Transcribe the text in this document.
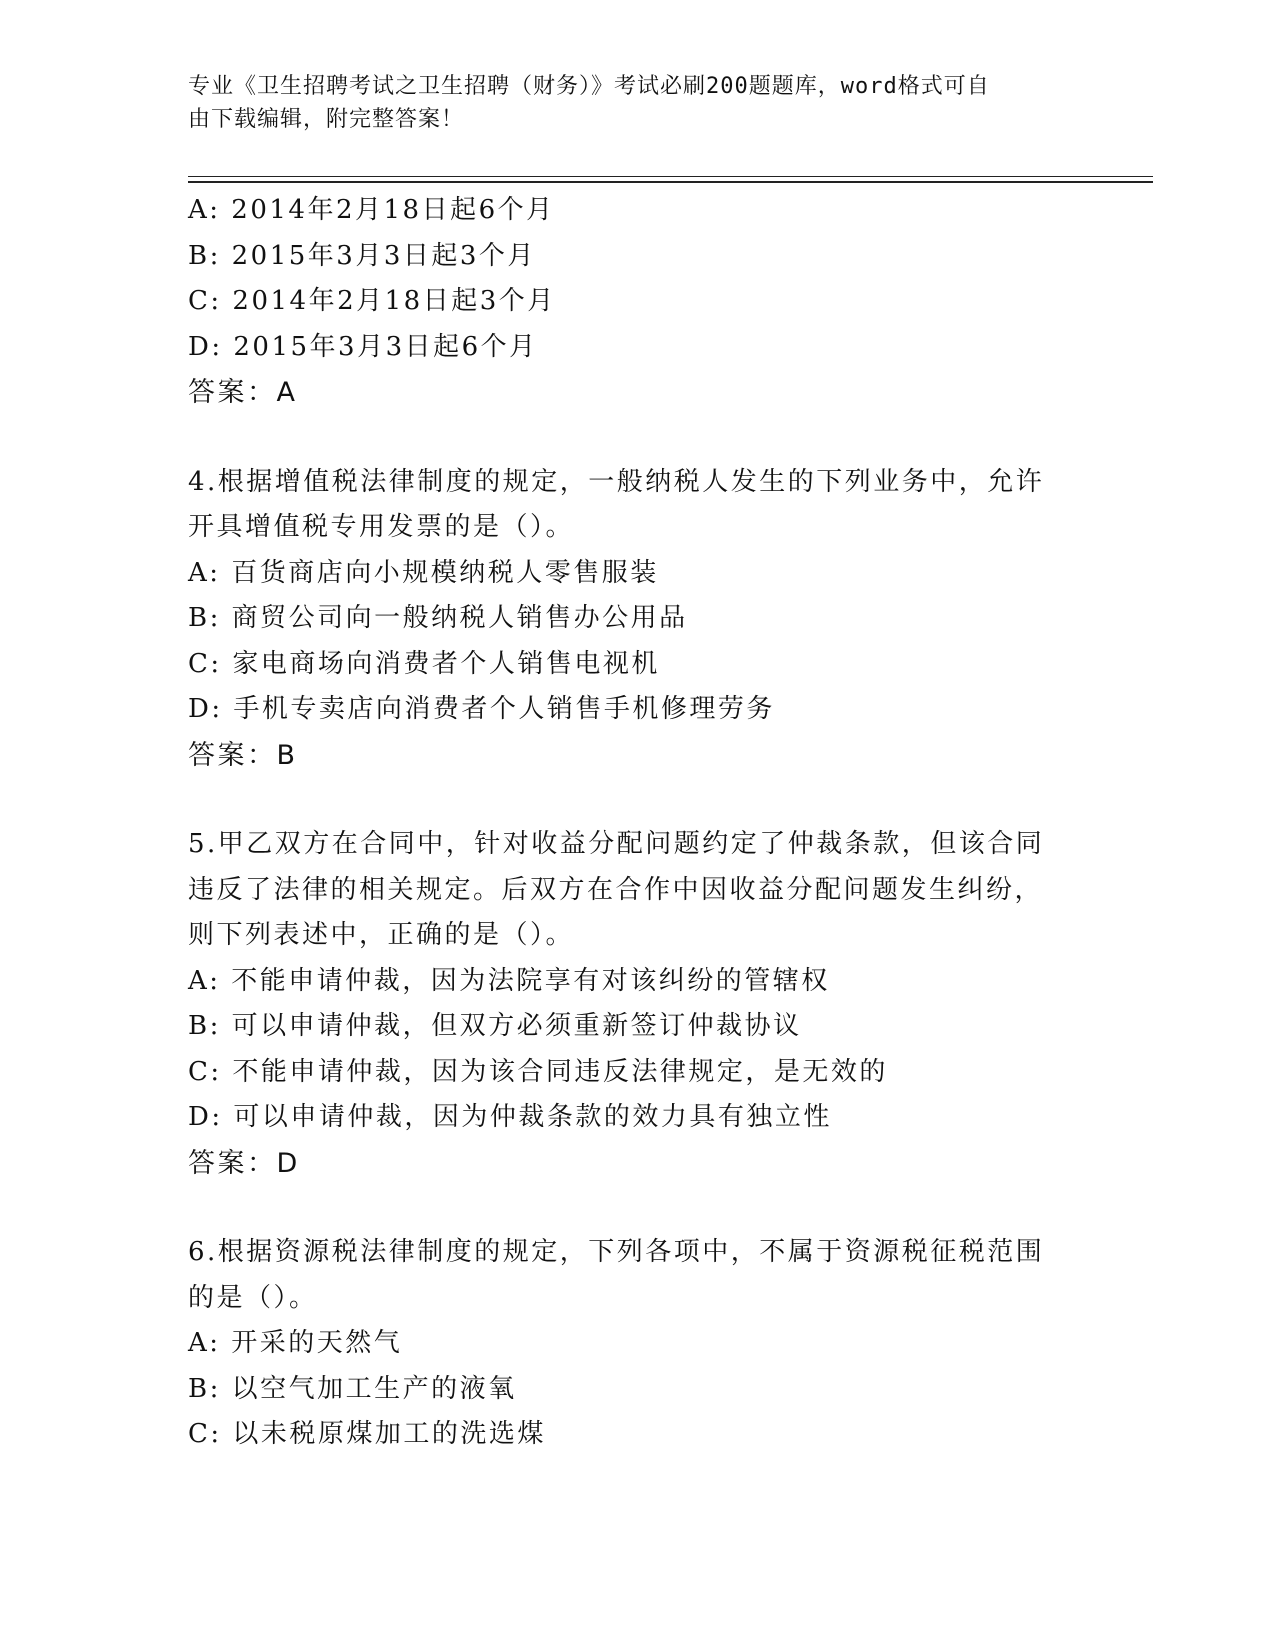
专业《卫生招聘考试之卫生招聘（财务）》考试必刷200题题库，word格式可自
由下载编辑，附完整答案！
A: 2014年2月18日起6个月
B: 2015年3月3日起3个月
C: 2014年2月18日起3个月
D: 2015年3月3日起6个月
答案：A
4.根据增值税法律制度的规定，一般纳税人发生的下列业务中，允许
开具增值税专用发票的是（）。
A: 百货商店向小规模纳税人零售服装
B: 商贸公司向一般纳税人销售办公用品
C: 家电商场向消费者个人销售电视机
D: 手机专卖店向消费者个人销售手机修理劳务
答案：B
5.甲乙双方在合同中，针对收益分配问题约定了仲裁条款，但该合同
违反了法律的相关规定。后双方在合作中因收益分配问题发生纠纷，
则下列表述中，正确的是（）。
A: 不能申请仲裁，因为法院享有对该纠纷的管辖权
B: 可以申请仲裁，但双方必须重新签订仲裁协议
C: 不能申请仲裁，因为该合同违反法律规定，是无效的
D: 可以申请仲裁，因为仲裁条款的效力具有独立性
答案：D
6.根据资源税法律制度的规定，下列各项中，不属于资源税征税范围
的是（）。
A: 开采的天然气
B: 以空气加工生产的液氧
C: 以未税原煤加工的洗选煤
